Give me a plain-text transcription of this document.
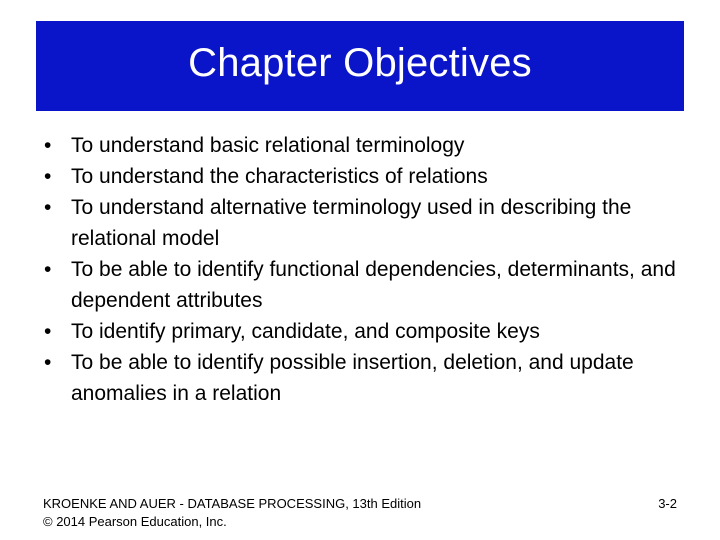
Chapter Objectives
• To understand basic relational terminology
• To understand the characteristics of relations
• To understand alternative terminology used in describing the relational model
• To be able to identify functional dependencies, determinants, and dependent attributes
• To identify primary, candidate, and composite keys
• To be able to identify possible insertion, deletion, and update anomalies in a relation
KROENKE AND AUER - DATABASE PROCESSING, 13th Edition
© 2014 Pearson Education, Inc.
3-2
